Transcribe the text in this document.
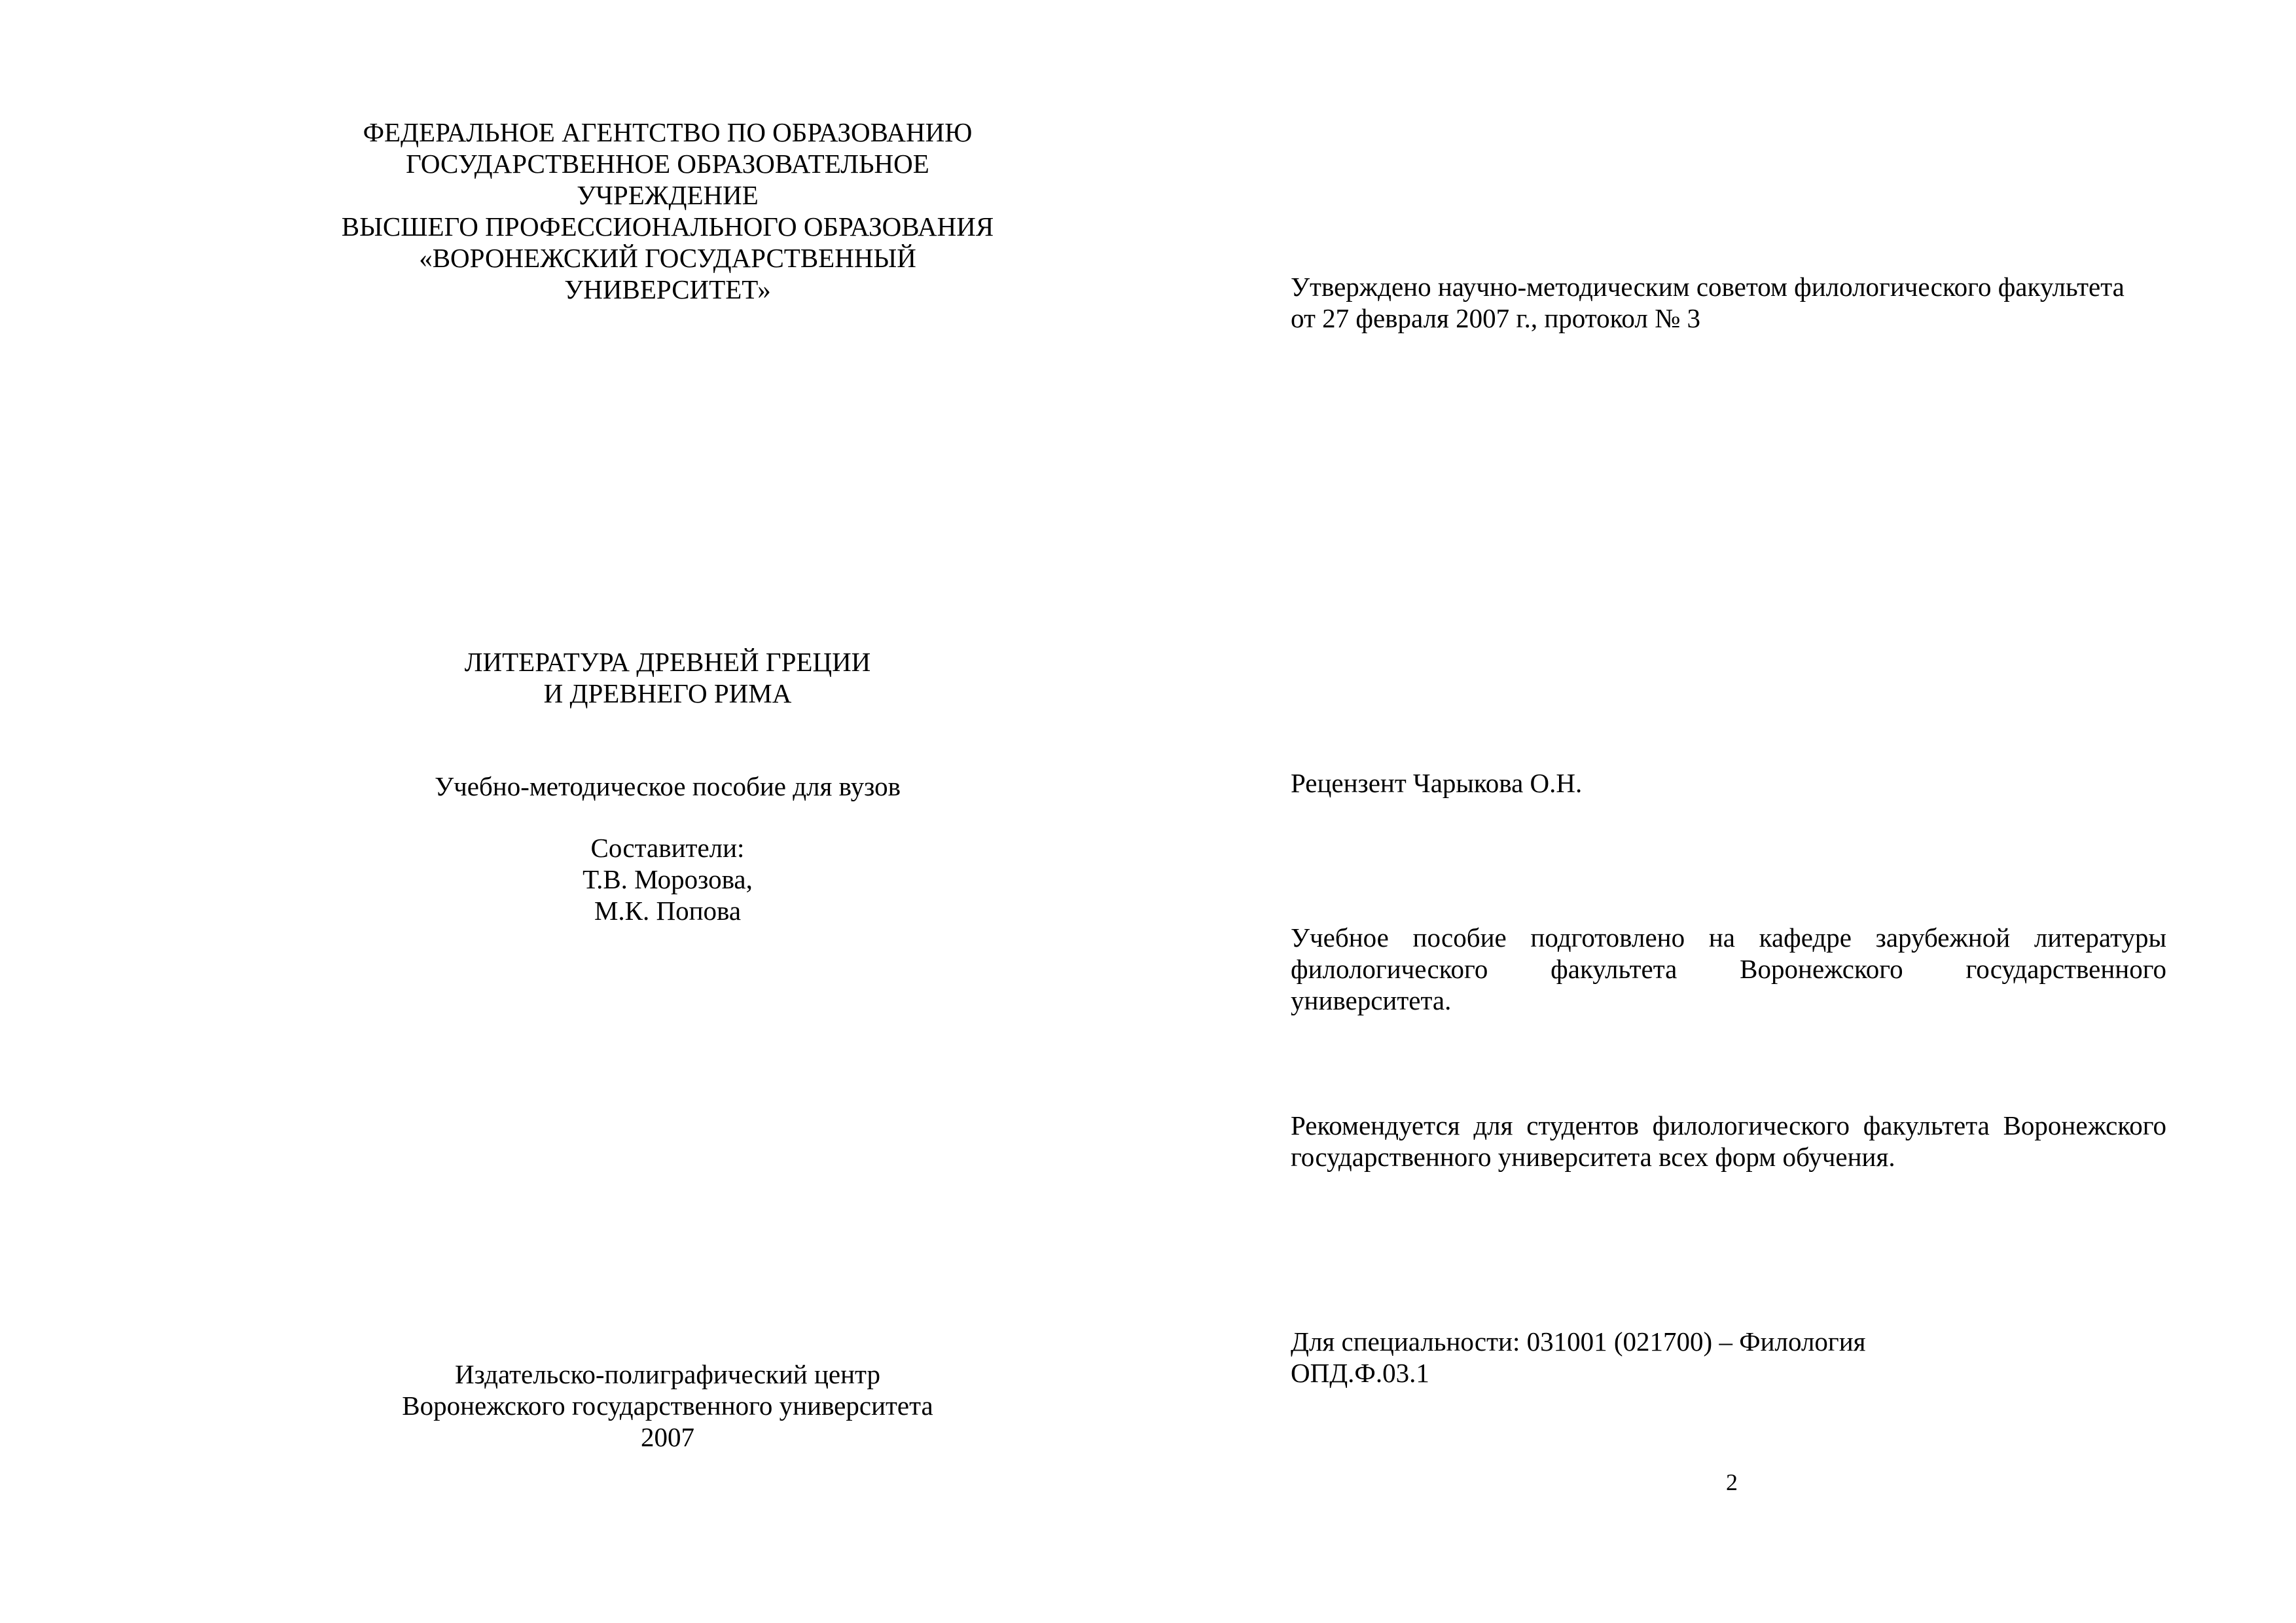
ФЕДЕРАЛЬНОЕ АГЕНТСТВО ПО ОБРАЗОВАНИЮ
ГОСУДАРСТВЕННОЕ ОБРАЗОВАТЕЛЬНОЕ
УЧРЕЖДЕНИЕ
ВЫСШЕГО ПРОФЕССИОНАЛЬНОГО ОБРАЗОВАНИЯ
«ВОРОНЕЖСКИЙ ГОСУДАРСТВЕННЫЙ
УНИВЕРСИТЕТ»
ЛИТЕРАТУРА ДРЕВНЕЙ ГРЕЦИИ
И ДРЕВНЕГО РИМА
Учебно-методическое пособие для вузов
Составители:
Т.В. Морозова,
М.К. Попова
Издательско-полиграфический центр
Воронежского государственного университета
2007
Утверждено научно-методическим советом филологического факультета
от 27 февраля 2007 г., протокол № 3
Рецензент Чарыкова О.Н.
Учебное пособие подготовлено на кафедре зарубежной литературы
филологического факультета Воронежского государственного
университета.
Рекомендуется для студентов филологического факультета Воронежского
государственного университета всех форм обучения.
Для специальности: 031001 (021700) – Филология
ОПД.Ф.03.1
2
